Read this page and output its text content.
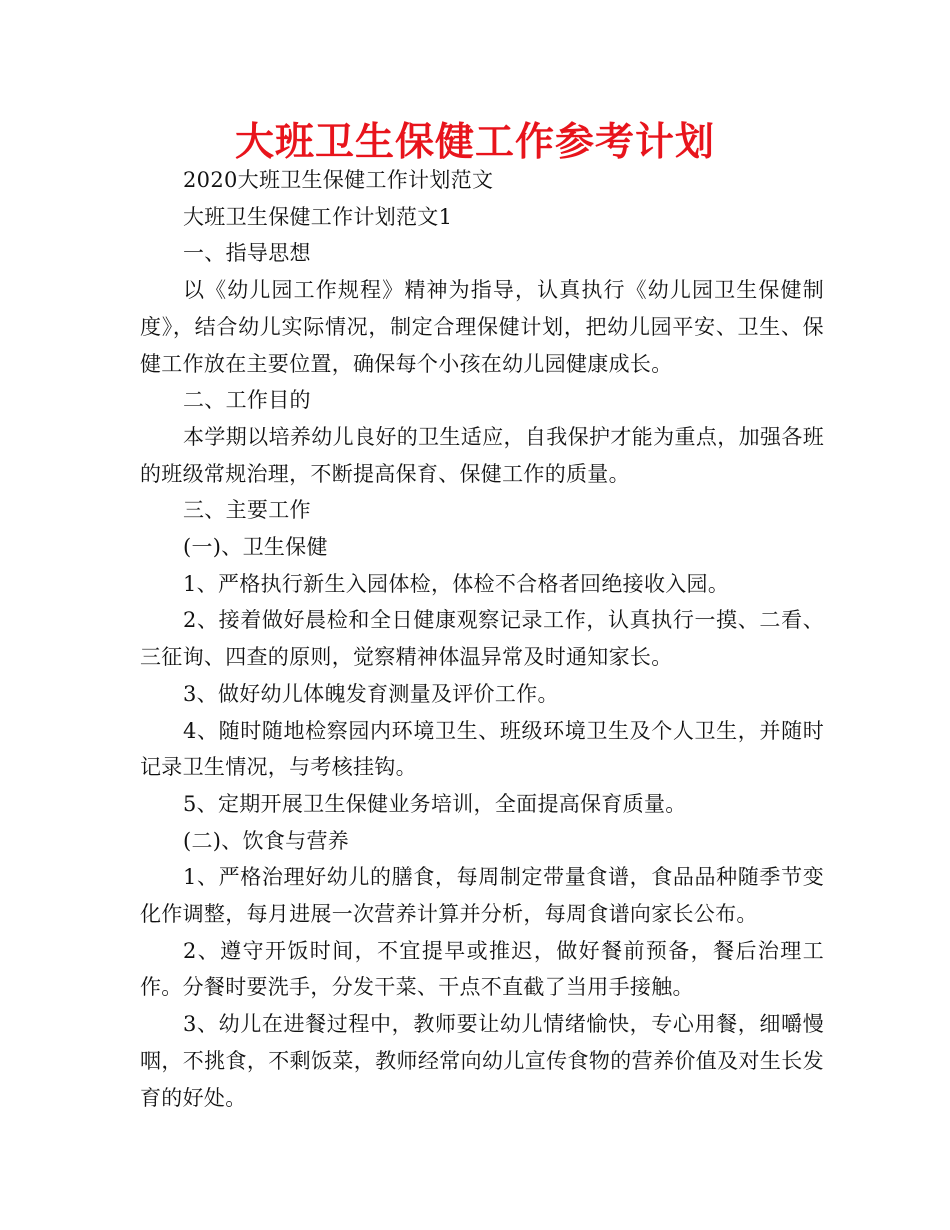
大班卫生保健工作参考计划

2020大班卫生保健工作计划范文

大班卫生保健工作计划范文1

一、指导思想

以《幼儿园工作规程》精神为指导，认真执行《幼儿园卫生保健制度》，结合幼儿实际情况，制定合理保健计划，把幼儿园平安、卫生、保健工作放在主要位置，确保每个小孩在幼儿园健康成长。

二、工作目的

本学期以培养幼儿良好的卫生适应，自我保护才能为重点，加强各班的班级常规治理，不断提高保育、保健工作的质量。

三、主要工作

(一)、卫生保健

1、严格执行新生入园体检，体检不合格者回绝接收入园。

2、接着做好晨检和全日健康观察记录工作，认真执行一摸、二看、三征询、四查的原则，觉察精神体温异常及时通知家长。

3、做好幼儿体魄发育测量及评价工作。

4、随时随地检察园内环境卫生、班级环境卫生及个人卫生，并随时记录卫生情况，与考核挂钩。

5、定期开展卫生保健业务培训，全面提高保育质量。

(二)、饮食与营养

1、严格治理好幼儿的膳食，每周制定带量食谱，食品品种随季节变化作调整，每月进展一次营养计算并分析，每周食谱向家长公布。

2、遵守开饭时间，不宜提早或推迟，做好餐前预备，餐后治理工作。分餐时要洗手，分发干菜、干点不直截了当用手接触。

3、幼儿在进餐过程中，教师要让幼儿情绪愉快，专心用餐，细嚼慢咽，不挑食，不剩饭菜，教师经常向幼儿宣传食物的营养价值及对生长发育的好处。
